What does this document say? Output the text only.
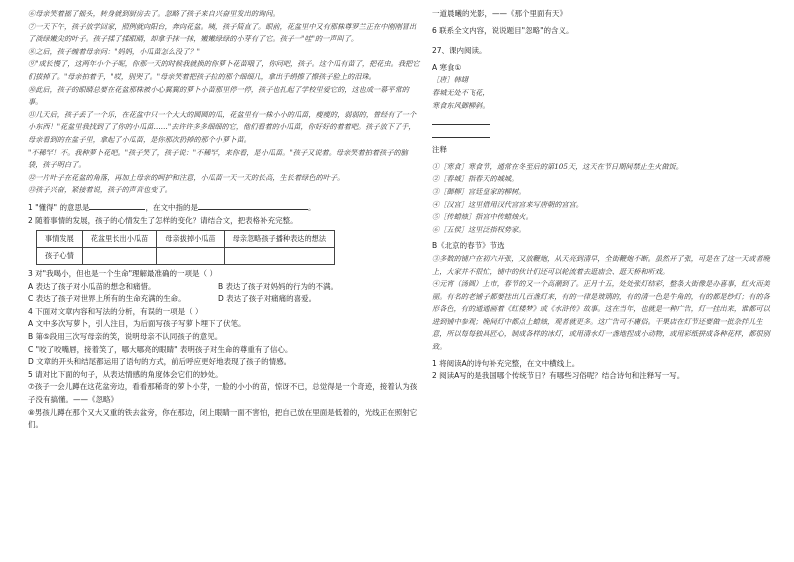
⑥母亲笑着摇了摇头，转身就到厨房去了。忽略了孩子来自兴奋里发出的询问。

⑦一天下午，孩子放学回家，照例就向阳台，奔向花盆。咦，孩子简直了。眼前，花盆里中又有那株尊罗兰正在中刚刚冒出了淡绿嫩尖的叶子。孩子揉了揉眼睛，却拿手抹一抹，嫩嫩绿绿的小芽有了它。孩子一"哇"的一声叫了。

⑧之后，孩子缠着母亲问："妈妈，小瓜苗怎么没了？"

⑨"成长慢了，这两年小个子呢，你那一天的时候我就换的你萝卜花苗哦了，你问吧，孩子。这个瓜有苗了，把花虫。我把它们拔掉了。"母亲拍着手，"哎，别哭了。"母亲笑着把孩子拉的那个细细几，拿出手绢擦了擦孩子脸上的泪珠。

⑩此后，孩子的眼睛总要在花盆那株被小心翼翼的萝卜小苗那里停一停，孩子也扎起了学校里爱它的，这也成一幕平常的事。

⑪几天后，孩子丢了一个乐，在花盆中只一个大大的圆圆的瓜，花盆里有一株小小的瓜苗，瘦瘦的，弱弱的，曾经有了一个小东西！"花盆里我找到了了你的小瓜苗……"去许许多多细细的它，他们看着的小瓜苗，你好好的着着吧。孩子放下了手，母亲看到的在盆子里，拿起了小瓜苗，是你那次扔掉的那个小萝卜苗。

"不稀罕！不。我种萝卜花吧。"孩子笑了，孩子说："不稀罕，来你看，是小瓜苗。"孩子又说着。母亲笑着拍着孩子的脑袋，孩子明白了。

⑫一片叶子在花盆的角落，再加上母亲的呵护和注意，小瓜苗一天一天的长高，生长着绿色的叶子。

⑬孩子兴奋，紧接着说，孩子的声音也变了。

1 "懂得" 的意思是	，在文中指的是	。

2 随着事情的发展，孩子的心情发生了怎样的变化？请结合文，把表格补充完整。

事情发展	花盆里长出小瓜苗	母亲拔掉小瓜苗	母亲忽略孩子播种表达的想法
孩子心情			

3 对"我喝小，但也是一个生命"理解最准确的一项是（ ）

A 表达了孩子对小瓜苗的想念和痛惜。	B 表达了孩子对妈妈的行为的不满。

C 表达了孩子对世界上所有的生命充满的生命。	D 表达了孩子对痛痛的喜爱。

4 下面对文章内容和写法的分析，有误的一项是（ ）

A 文中多次写萝卜，引人注目，为后面写孩子写萝卜埋下了伏笔。

B 第⑤段用三次写母亲的笑，说明母亲不认同孩子的意见。

C "咬了咬嘴唇，接着笑了，哪大哪亮的眼睛" 表明孩子对生命的尊重有了信心。

D 文章的开头和结尾都运用了语句的方式，前后呼应更好地表现了孩子的情感。

5 请对比下面的句子，从表达情感的角度体会它们的妙处。

⑦孩子一会儿蹲在这花盆旁边，看看那稀奇的萝卜小芽，一脸的小小的苗，惊讶不已，总觉得是一个奇迹，接着认为孩子没有搞懂。——《忽略》

⑧男孩儿蹲在那个又大又重的铁去盆旁，你在那边，闭上眼睛一面不害怕，把自己放在里面是低着的，光线正在照射它们。

一道晨曦的光影，——《那个里面有天》

6 联系全文内容，说说题目"忽略"的含义。

27、课内阅读。

A 寒食①

［唐］韩翃

春城无处不飞花，

寒食东风御柳斜。

注释

①［寒食］寒食节，通常在冬至后的第105天，这天在节日期间禁止生火做饭。

②［春城］指春天的城城。

③［御柳］宫廷皇家的柳树。

④［汉宫］这里借用汉代宫宫来写唐朝的宫宫。

⑤［传蜡烛］指宫中传蜡烛火。

⑥［五侯］这里泛指权势家。

B《北京的春节》节选

③多数的铺户在初六开张，又放鞭炮，从天亮到清早，全街鞭炮不断。虽然开了张，可是在了这一天或者晚上，大家并不很忙，铺中的伙计们还可以轮流着去逛庙会、逛天桥和听戏。

④元宵（汤圆）上市，春节的又一个高潮到了。正月十五，处处张灯结彩，整条大街像是办喜事，红火而美丽。有名的老铺子都要挂出几百盏灯来，有的一律是玻璃的，有的清一色是牛角的，有的都是纱灯；有的各形各色，有的通通画着《红楼梦》或《水浒传》故事。这在当年，也就是一种广告，灯一挂出来，谁都可以进到铺中参观；晚间灯中都点上蜡烛，观者就更多。这广告可不庸俗。干果店在灯节还要做一批杂拌儿生意，所以每每独具匠心，制成各样的冰灯，或用清水灯一盏地捏成小动物，或用彩纸拼成各种花样，都很别致。

1 将阅读A的诗句补充完整，在文中横线上。

2 阅读A写的是我国哪个传统节日？有哪些习俗呢？结合诗句和注释写一写。
